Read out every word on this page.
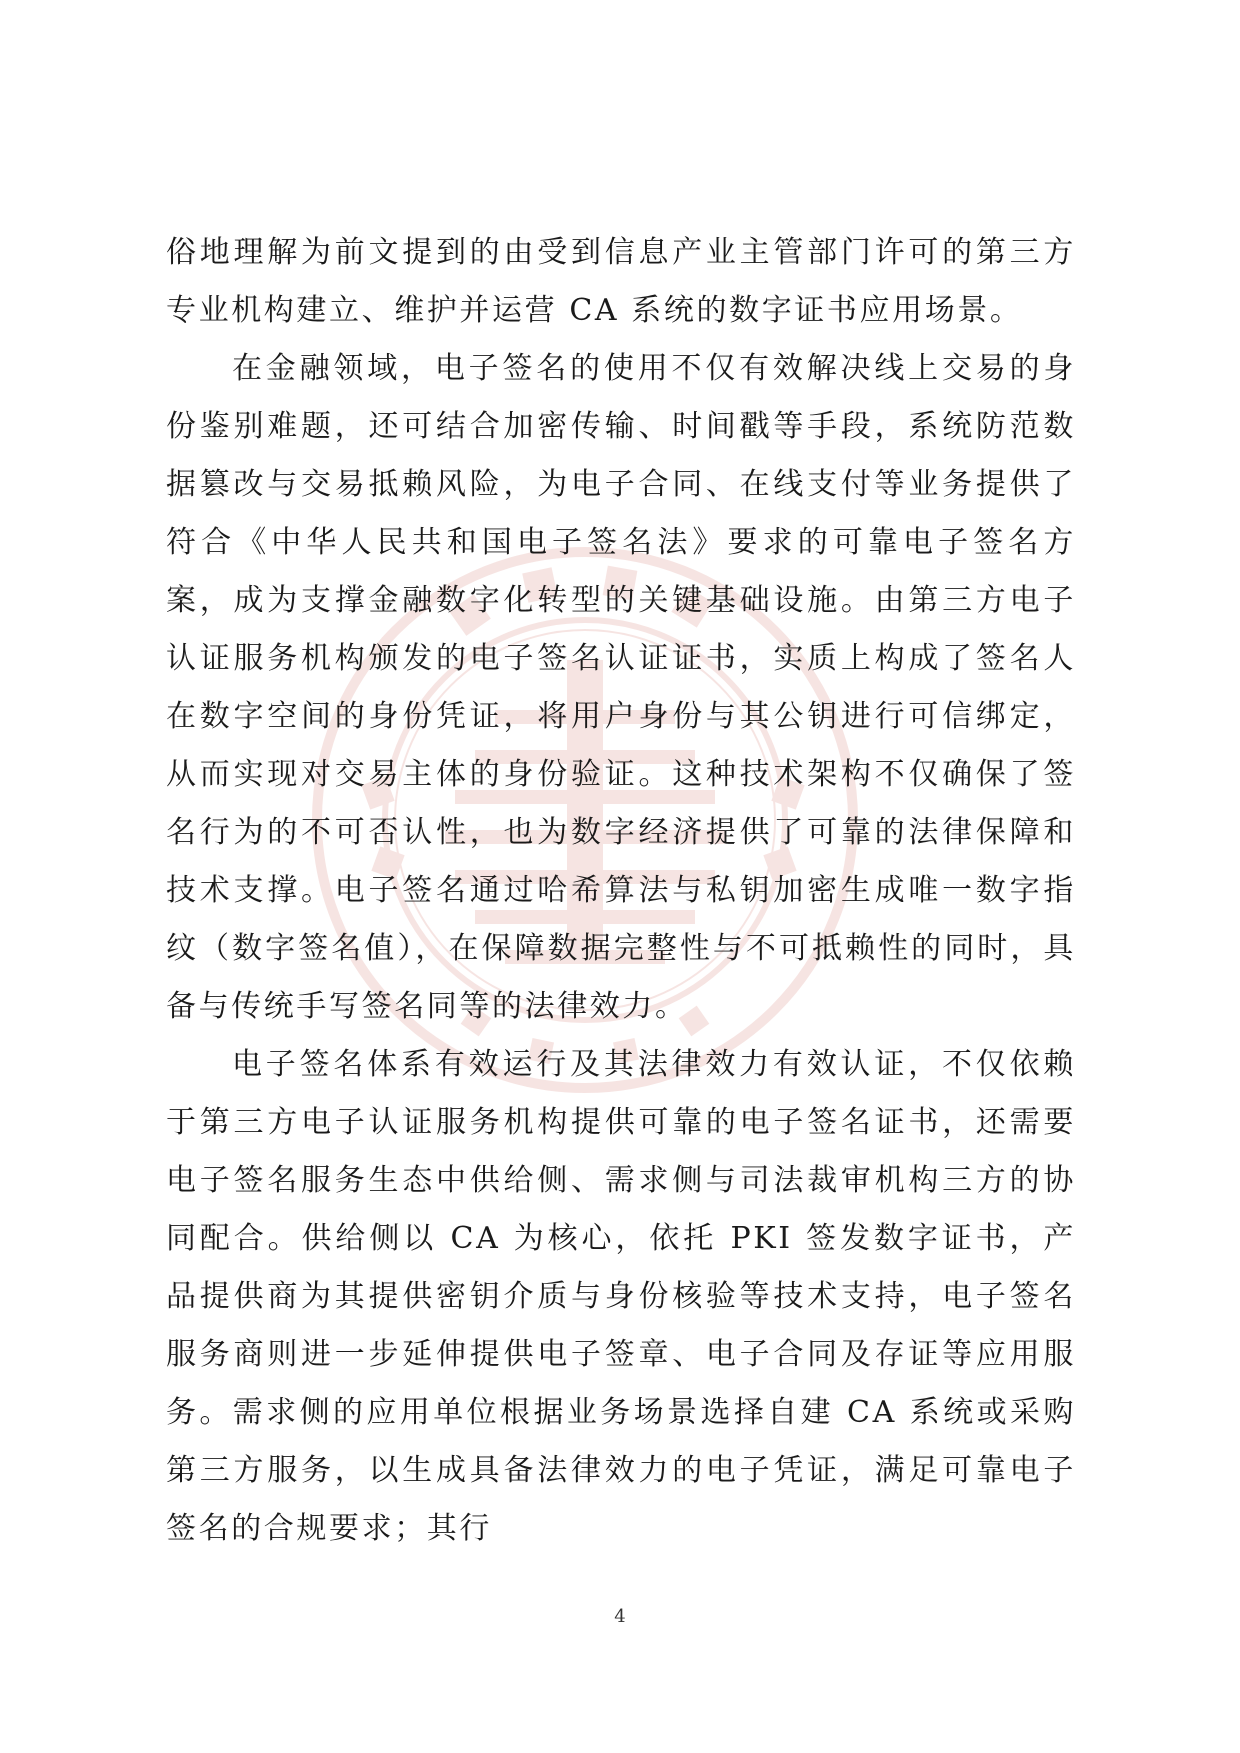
俗地理解为前文提到的由受到信息产业主管部门许可的第三方专业机构建立、维护并运营 CA 系统的数字证书应用场景。

在金融领域，电子签名的使用不仅有效解决线上交易的身份鉴别难题，还可结合加密传输、时间戳等手段，系统防范数据篡改与交易抵赖风险，为电子合同、在线支付等业务提供了符合《中华人民共和国电子签名法》要求的可靠电子签名方案，成为支撑金融数字化转型的关键基础设施。由第三方电子认证服务机构颁发的电子签名认证证书，实质上构成了签名人在数字空间的身份凭证，将用户身份与其公钥进行可信绑定，从而实现对交易主体的身份验证。这种技术架构不仅确保了签名行为的不可否认性，也为数字经济提供了可靠的法律保障和技术支撑。电子签名通过哈希算法与私钥加密生成唯一数字指纹（数字签名值），在保障数据完整性与不可抵赖性的同时，具备与传统手写签名同等的法律效力。

电子签名体系有效运行及其法律效力有效认证，不仅依赖于第三方电子认证服务机构提供可靠的电子签名证书，还需要电子签名服务生态中供给侧、需求侧与司法裁审机构三方的协同配合。供给侧以 CA 为核心，依托 PKI 签发数字证书，产品提供商为其提供密钥介质与身份核验等技术支持，电子签名服务商则进一步延伸提供电子签章、电子合同及存证等应用服务。需求侧的应用单位根据业务场景选择自建 CA 系统或采购第三方服务，以生成具备法律效力的电子凭证，满足可靠电子签名的合规要求；其行

4
